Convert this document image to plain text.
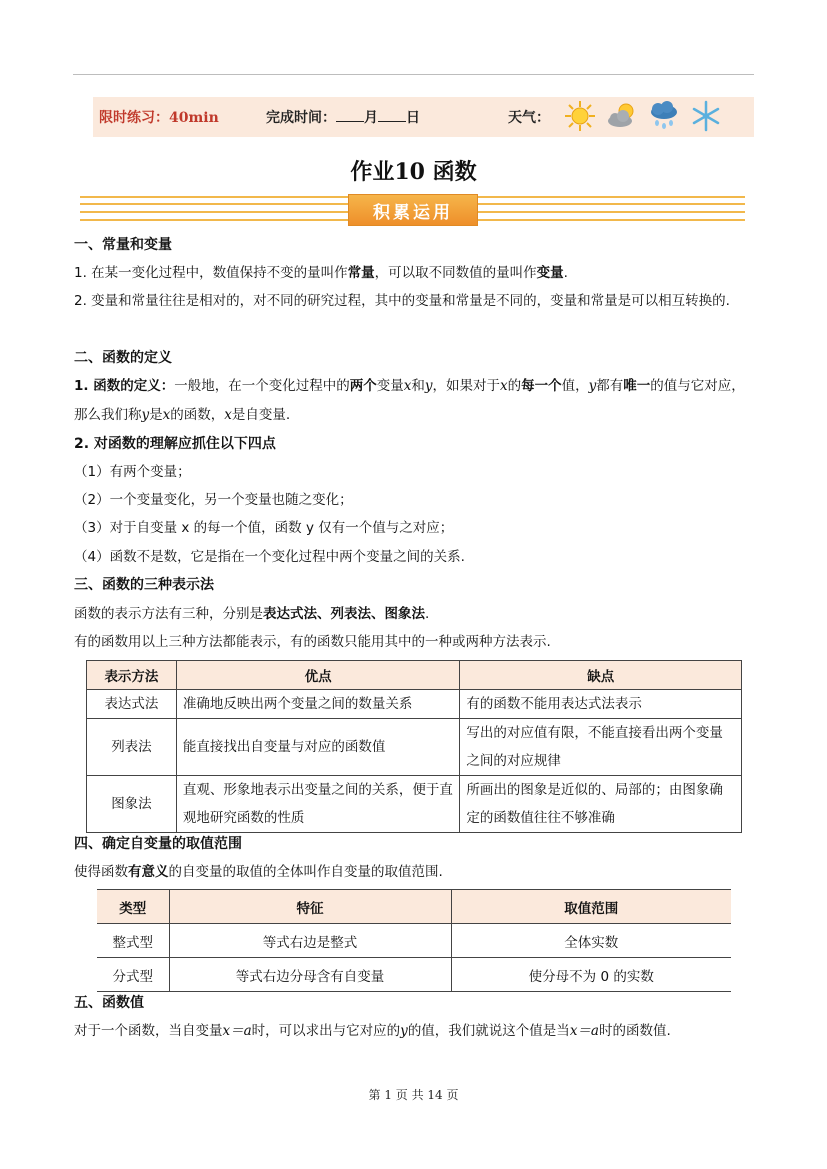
限时练习：40min	完成时间： 月 日	天气：
作业10 函数
积累运用
一、常量和变量
1. 在某一变化过程中，数值保持不变的量叫作常量，可以取不同数值的量叫作变量.
2. 变量和常量往往是相对的，对不同的研究过程，其中的变量和常量是不同的，变量和常量是可以相互转换的.
二、函数的定义
1. 函数的定义：一般地，在一个变化过程中的两个变量x和y，如果对于x的每一个值，y都有唯一的值与它对应，那么我们称y是x的函数，x是自变量.
2. 对函数的理解应抓住以下四点
（1）有两个变量；
（2）一个变量变化，另一个变量也随之变化；
（3）对于自变量 x 的每一个值，函数 y 仅有一个值与之对应；
（4）函数不是数，它是指在一个变化过程中两个变量之间的关系.
三、函数的三种表示法
函数的表示方法有三种，分别是表达式法、列表法、图象法.
有的函数用以上三种方法都能表示，有的函数只能用其中的一种或两种方法表示.
表示方法	优点	缺点
表达式法	准确地反映出两个变量之间的数量关系	有的函数不能用表达式法表示
列表法	能直接找出自变量与对应的函数值	写出的对应值有限，不能直接看出两个变量之间的对应规律
图象法	直观、形象地表示出变量之间的关系，便于直观地研究函数的性质	所画出的图象是近似的、局部的；由图象确定的函数值往往不够准确
四、确定自变量的取值范围
使得函数有意义的自变量的取值的全体叫作自变量的取值范围.
类型	特征	取值范围
整式型	等式右边是整式	全体实数
分式型	等式右边分母含有自变量	使分母不为 0 的实数
五、函数值
对于一个函数，当自变量x＝a时，可以求出与它对应的y的值，我们就说这个值是当x＝a时的函数值.
第 1 页 共 14 页
